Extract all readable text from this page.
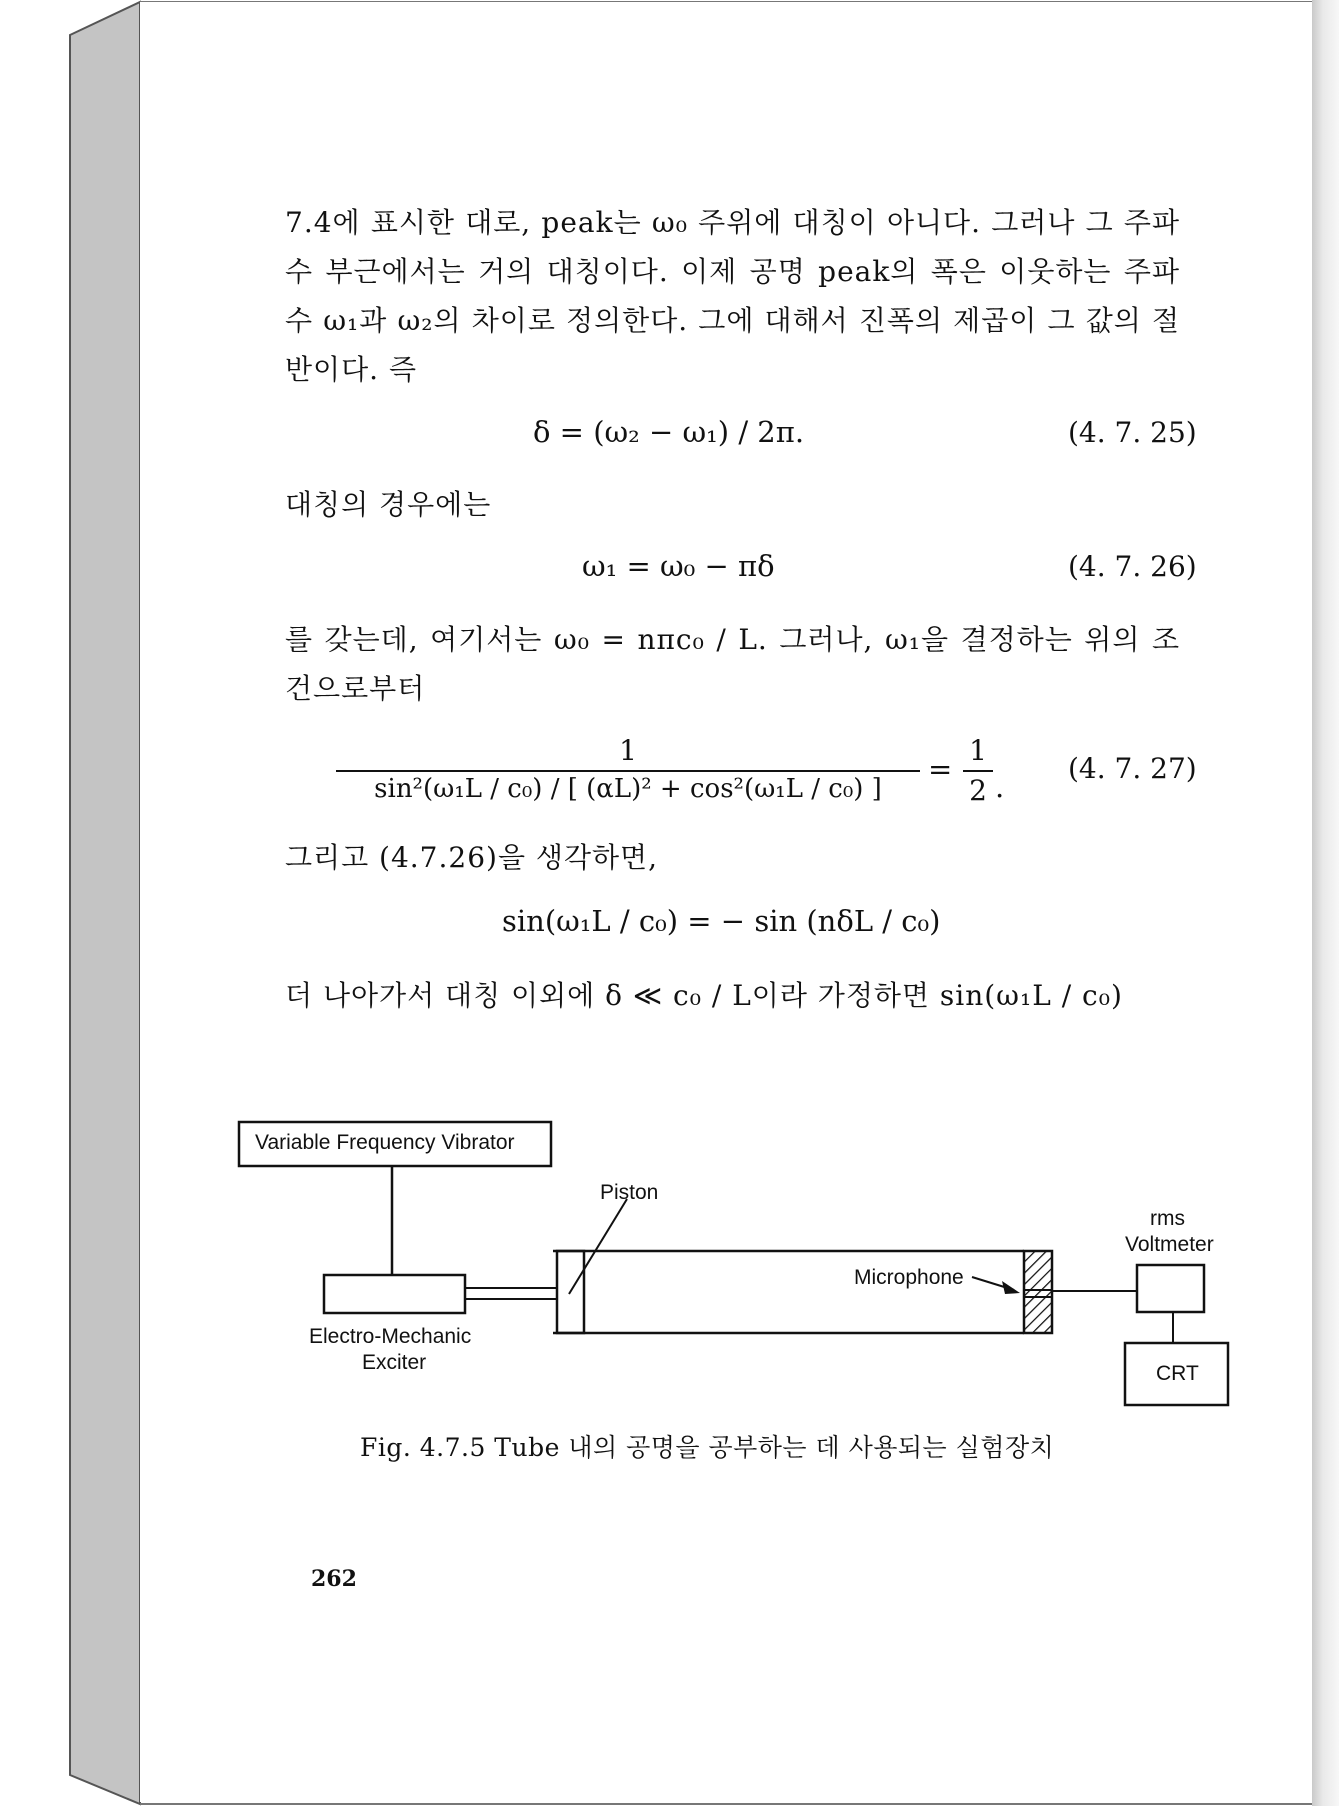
7.4에 표시한 대로, peak는 ω₀ 주위에 대칭이 아니다. 그러나 그 주파수 부근에서는 거의 대칭이다. 이제 공명 peak의 폭은 이웃하는 주파수 ω₁과 ω₂의 차이로 정의한다. 그에 대해서 진폭의 제곱이 그 값의 절반이다. 즉
δ = (ω₂ − ω₁) / 2π.	(4. 7. 25)
대칭의 경우에는
ω₁ = ω₀ − πδ	(4. 7. 26)
를 갖는데, 여기서는 ω₀ = nπc₀ / L. 그러나, ω₁을 결정하는 위의 조건으로부터
1
sin²(ω₁L / c₀) / [ (αL)² + cos²(ω₁L / c₀) ]
=
1
2 .
(4. 7. 27)
그리고 (4.7.26)을 생각하면,
sin(ω₁L / c₀) = − sin (nδL / c₀)
더 나아가서 대칭 이외에 δ ≪ c₀ / L이라 가정하면 sin(ω₁L / c₀)
Variable Frequency Vibrator
Piston
rms
Voltmeter
Microphone
Electro-Mechanic
Exciter	CRT
Fig. 4.7.5 Tube 내의 공명을 공부하는 데 사용되는 실험장치
262
